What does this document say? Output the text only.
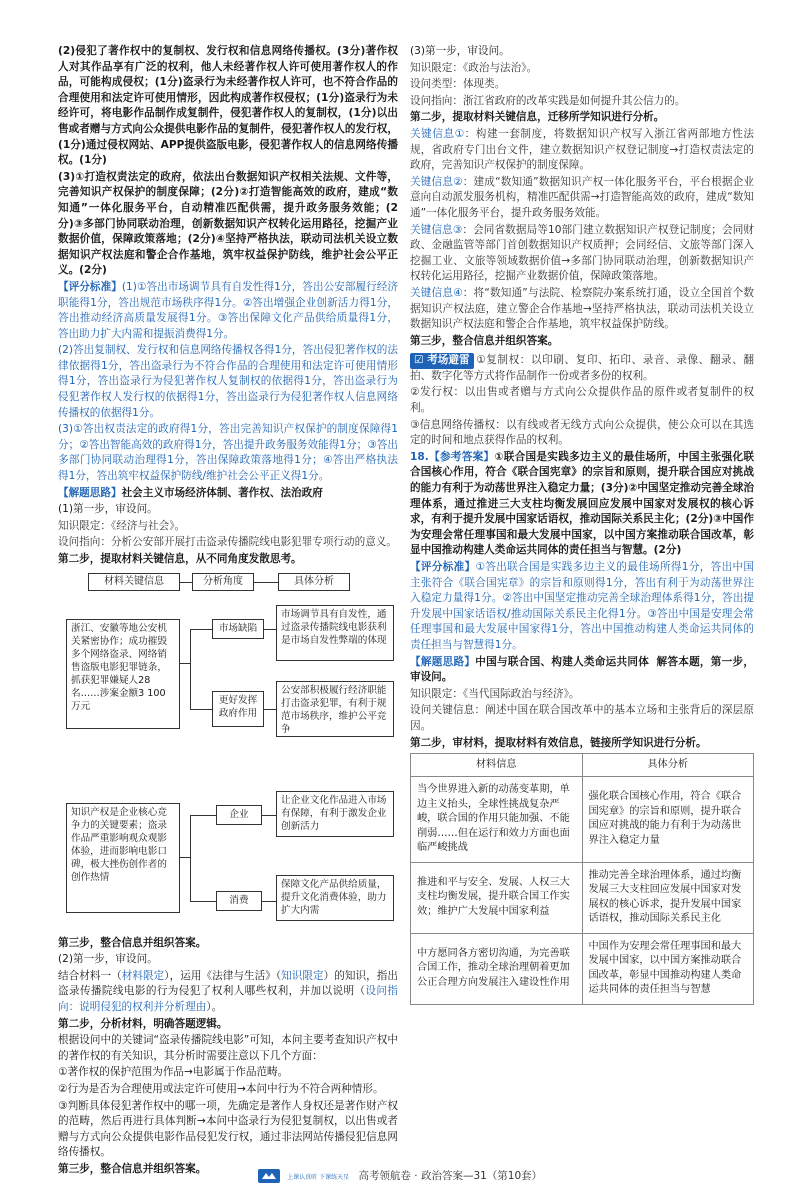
(2)侵犯了著作权中的复制权、发行权和信息网络传播权。(3分)著作权人对其作品享有广泛的权利，他人未经著作权人许可使用著作权人的作品，可能构成侵权；(1分)盗录行为未经著作权人许可，也不符合作品的合理使用和法定许可使用情形，因此构成著作权侵权；(1分)盗录行为未经许可，将电影作品制作成复制件，侵犯著作权人的复制权，(1分)以出售或者赠与方式向公众提供电影作品的复制件，侵犯著作权人的发行权，(1分)通过侵权网站、APP提供盗版电影，侵犯著作权人的信息网络传播权。(1分)

(3)①打造权责法定的政府，依法出台数据知识产权相关法规、文件等，完善知识产权保护的制度保障；(2分)②打造智能高效的政府，建成“数知通”一体化服务平台，自动精准匹配供需，提升政务服务效能；(2分)③多部门协同联动治理，创新数据知识产权转化运用路径，挖掘产业数据价值，保障政策落地；(2分)④坚持严格执法，联动司法机关设立数据知识产权法庭和警企合作基地，筑牢权益保护防线，维护社会公平正义。(2分)

【评分标准】(1)①答出市场调节具有自发性得1分，答出公安部履行经济职能得1分，答出规范市场秩序得1分。②答出增强企业创新活力得1分，答出推动经济高质量发展得1分。③答出保障文化产品供给质量得1分，答出助力扩大内需和提振消费得1分。

(2)答出复制权、发行权和信息网络传播权各得1分，答出侵犯著作权的法律依据得1分，答出盗录行为不符合作品的合理使用和法定许可使用情形得1分，答出盗录行为侵犯著作权人复制权的依据得1分，答出盗录行为侵犯著作权人发行权的依据得1分，答出盗录行为侵犯著作权人信息网络传播权的依据得1分。

(3)①答出权责法定的政府得1分，答出完善知识产权保护的制度保障得1分；②答出智能高效的政府得1分，答出提升政务服务效能得1分；③答出多部门协同联动治理得1分，答出保障政策落地得1分；④答出严格执法得1分，答出筑牢权益保护防线/维护社会公平正义得1分。

【解题思路】社会主义市场经济体制、著作权、法治政府

(1)第一步，审设问。

知识限定：《经济与社会》。

设问指向：分析公安部开展打击盗录传播院线电影犯罪专项行动的意义。

第二步，提取材料关键信息，从不同角度发散思考。

材料关键信息	分析角度	具体分析
浙江、安徽等地公安机关紧密协作；成功摧毁多个网络盗录、网络销售盗版电影犯罪链条，抓获犯罪嫌疑人28名……涉案金额3 100万元
市场缺陷
市场调节具有自发性，通过盗录传播院线电影获利是市场自发性弊端的体现
更好发挥政府作用
公安部积极履行经济职能打击盗录犯罪，有利于规范市场秩序，维护公平竞争
知识产权是企业核心竞争力的关键要素；盗录作品严重影响观众观影体验，进而影响电影口碑，极大挫伤创作者的创作热情
企业
让企业文化作品进入市场有保障，有利于激发企业创新活力
消费
保障文化产品供给质量，提升文化消费体验，助力扩大内需

第三步，整合信息并组织答案。

(2)第一步，审设问。

结合材料一（材料限定），运用《法律与生活》（知识限定）的知识，指出盗录传播院线电影的行为侵犯了权利人哪些权利，并加以说明（设问指向：说明侵犯的权利并分析理由）。

第二步，分析材料，明确答题逻辑。

根据设问中的关键词“盗录传播院线电影”可知，本问主要考查知识产权中的著作权的有关知识，其分析时需要注意以下几个方面：

①著作权的保护范围为作品→电影属于作品范畴。

②行为是否为合理使用或法定许可使用→本问中行为不符合两种情形。

③判断具体侵犯著作权中的哪一项，先确定是著作人身权还是著作财产权的范畴，然后再进行具体判断→本问中盗录行为侵犯复制权，以出售或者赠与方式向公众提供电影作品侵犯发行权，通过非法网站传播侵犯信息网络传播权。

第三步，整合信息并组织答案。

(3)第一步，审设问。

知识限定：《政治与法治》。

设问类型：体现类。

设问指向：浙江省政府的改革实践是如何提升其公信力的。

第二步，提取材料关键信息，迁移所学知识进行分析。

关键信息①：构建一套制度，将数据知识产权写入浙江省两部地方性法规，省政府专门出台文件，建立数据知识产权登记制度→打造权责法定的政府，完善知识产权保护的制度保障。

关键信息②：建成“数知通”数据知识产权一体化服务平台，平台根据企业意向自动派发服务机构，精准匹配供需→打造智能高效的政府，建成“数知通”一体化服务平台，提升政务服务效能。

关键信息③：会同省数据局等10部门建立数据知识产权登记制度；会同财政、金融监管等部门首创数据知识产权质押；会同经信、文旅等部门深入挖掘工业、文旅等领域数据价值→多部门协同联动治理，创新数据知识产权转化运用路径，挖掘产业数据价值，保障政策落地。

关键信息④：将“数知通”与法院、检察院办案系统打通，设立全国首个数据知识产权法庭，建立警企合作基地→坚持严格执法，联动司法机关设立数据知识产权法庭和警企合作基地，筑牢权益保护防线。

第三步，整合信息并组织答案。

☑ 考场避雷 ①复制权：以印刷、复印、拓印、录音、录像、翻录、翻拍、数字化等方式将作品制作一份或者多份的权利。

②发行权：以出售或者赠与方式向公众提供作品的原件或者复制件的权利。

③信息网络传播权：以有线或者无线方式向公众提供，使公众可以在其选定的时间和地点获得作品的权利。

18.【参考答案】①联合国是实践多边主义的最佳场所，中国主张强化联合国核心作用，符合《联合国宪章》的宗旨和原则，提升联合国应对挑战的能力有利于为动荡世界注入稳定力量；(3分)②中国坚定推动完善全球治理体系，通过推进三大支柱均衡发展回应发展中国家对发展权的核心诉求，有利于提升发展中国家话语权，推动国际关系民主化；(2分)③中国作为安理会常任理事国和最大发展中国家，以中国方案推动联合国改革，彰显中国推动构建人类命运共同体的责任担当与智慧。(2分)

【评分标准】①答出联合国是实践多边主义的最佳场所得1分，答出中国主张符合《联合国宪章》的宗旨和原则得1分，答出有利于为动荡世界注入稳定力量得1分。②答出中国坚定推动完善全球治理体系得1分，答出提升发展中国家话语权/推动国际关系民主化得1分。③答出中国是安理会常任理事国和最大发展中国家得1分，答出中国推动构建人类命运共同体的责任担当与智慧得1分。

【解题思路】中国与联合国、构建人类命运共同体 解答本题，第一步，审设问。

知识限定：《当代国际政治与经济》。

设问关键信息：阐述中国在联合国改革中的基本立场和主张背后的深层原因。

第二步，审材料，提取材料有效信息，链接所学知识进行分析。

材料信息	具体分析
当今世界进入新的动荡变革期，单边主义抬头，全球性挑战复杂严峻，联合国的作用只能加强、不能削弱……但在运行和效力方面也面临严峻挑战	强化联合国核心作用，符合《联合国宪章》的宗旨和原则，提升联合国应对挑战的能力有利于为动荡世界注入稳定力量
推进和平与安全、发展、人权三大支柱均衡发展，提升联合国工作实效；维护广大发展中国家利益	推动完善全球治理体系，通过均衡发展三大支柱回应发展中国家对发展权的核心诉求，提升发展中国家话语权，推动国际关系民主化
中方愿同各方密切沟通，为完善联合国工作，推动全球治理朝着更加公正合理方向发展注入建设性作用	中国作为安理会常任理事国和最大发展中国家，以中国方案推动联合国改革，彰显中国推动构建人类命运共同体的责任担当与智慧
上课认真听 下课练天星 高考领航卷 · 政治答案—31（第10套）
